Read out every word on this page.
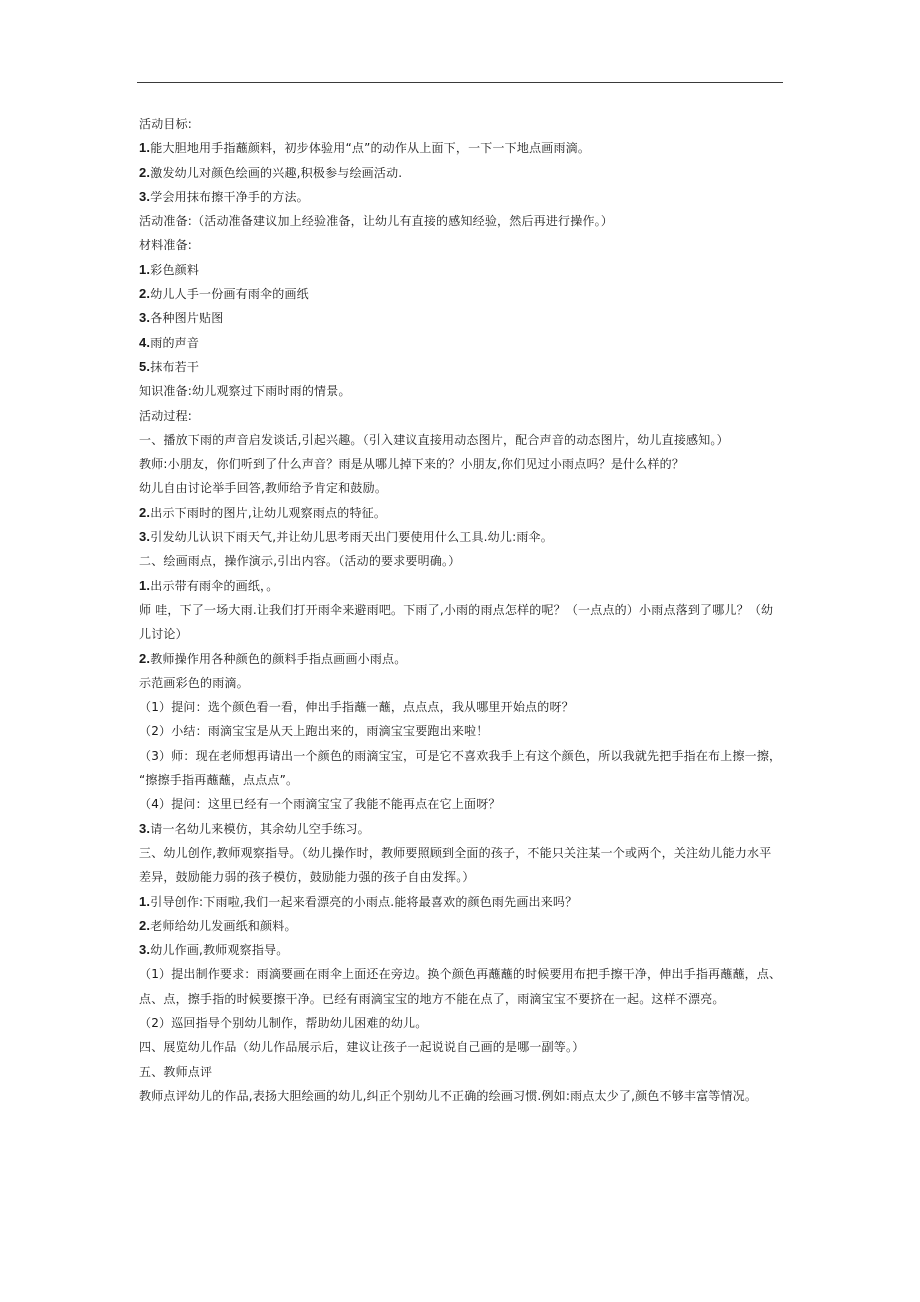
活动目标:
1.能大胆地用手指蘸颜料，初步体验用“点”的动作从上面下，一下一下地点画雨滴。
2.激发幼儿对颜色绘画的兴趣,积极参与绘画活动.
3.学会用抹布擦干净手的方法。
活动准备:（活动准备建议加上经验准备，让幼儿有直接的感知经验，然后再进行操作。）
材料准备:
1.彩色颜料
2.幼儿人手一份画有雨伞的画纸
3.各种图片贴图
4.雨的声音
5.抹布若干
知识准备:幼儿观察过下雨时雨的情景。
活动过程:
一、播放下雨的声音启发谈话,引起兴趣。（引入建议直接用动态图片，配合声音的动态图片，幼儿直接感知。）
教师:小朋友，你们听到了什么声音？雨是从哪儿掉下来的？小朋友,你们见过小雨点吗？是什么样的？
幼儿自由讨论举手回答,教师给予肯定和鼓励。
2.出示下雨时的图片,让幼儿观察雨点的特征。
3.引发幼儿认识下雨天气,并让幼儿思考雨天出门要使用什么工具.幼儿:雨伞。
二、绘画雨点，操作演示,引出内容。（活动的要求要明确。）
1.出示带有雨伞的画纸，。
师 哇，下了一场大雨.让我们打开雨伞来避雨吧。下雨了,小雨的雨点怎样的呢？（一点点的）小雨点落到了哪儿？（幼
儿讨论）
2.教师操作用各种颜色的颜料手指点画画小雨点。
示范画彩色的雨滴。
（1）提问：选个颜色看一看，伸出手指蘸一蘸，点点点，我从哪里开始点的呀？
（2）小结：雨滴宝宝是从天上跑出来的，雨滴宝宝要跑出来啦！
（3）师：现在老师想再请出一个颜色的雨滴宝宝，可是它不喜欢我手上有这个颜色，所以我就先把手指在布上擦一擦，
“擦擦手指再蘸蘸，点点点”。
（4）提问：这里已经有一个雨滴宝宝了我能不能再点在它上面呀？
3.请一名幼儿来模仿，其余幼儿空手练习。
三、幼儿创作,教师观察指导。（幼儿操作时，教师要照顾到全面的孩子，不能只关注某一个或两个，关注幼儿能力水平
差异，鼓励能力弱的孩子模仿，鼓励能力强的孩子自由发挥。）
1.引导创作:下雨啦,我们一起来看漂亮的小雨点.能将最喜欢的颜色雨先画出来吗？
2.老师给幼儿发画纸和颜料。
3.幼儿作画,教师观察指导。
（1）提出制作要求：雨滴要画在雨伞上面还在旁边。换个颜色再蘸蘸的时候要用布把手擦干净，伸出手指再蘸蘸，点、
点、点，擦手指的时候要擦干净。已经有雨滴宝宝的地方不能在点了，雨滴宝宝不要挤在一起。这样不漂亮。
（2）巡回指导个别幼儿制作，帮助幼儿困难的幼儿。
四、展览幼儿作品（幼儿作品展示后，建议让孩子一起说说自己画的是哪一副等。）
五、教师点评
教师点评幼儿的作品,表扬大胆绘画的幼儿,纠正个别幼儿不正确的绘画习惯.例如:雨点太少了,颜色不够丰富等情况。
